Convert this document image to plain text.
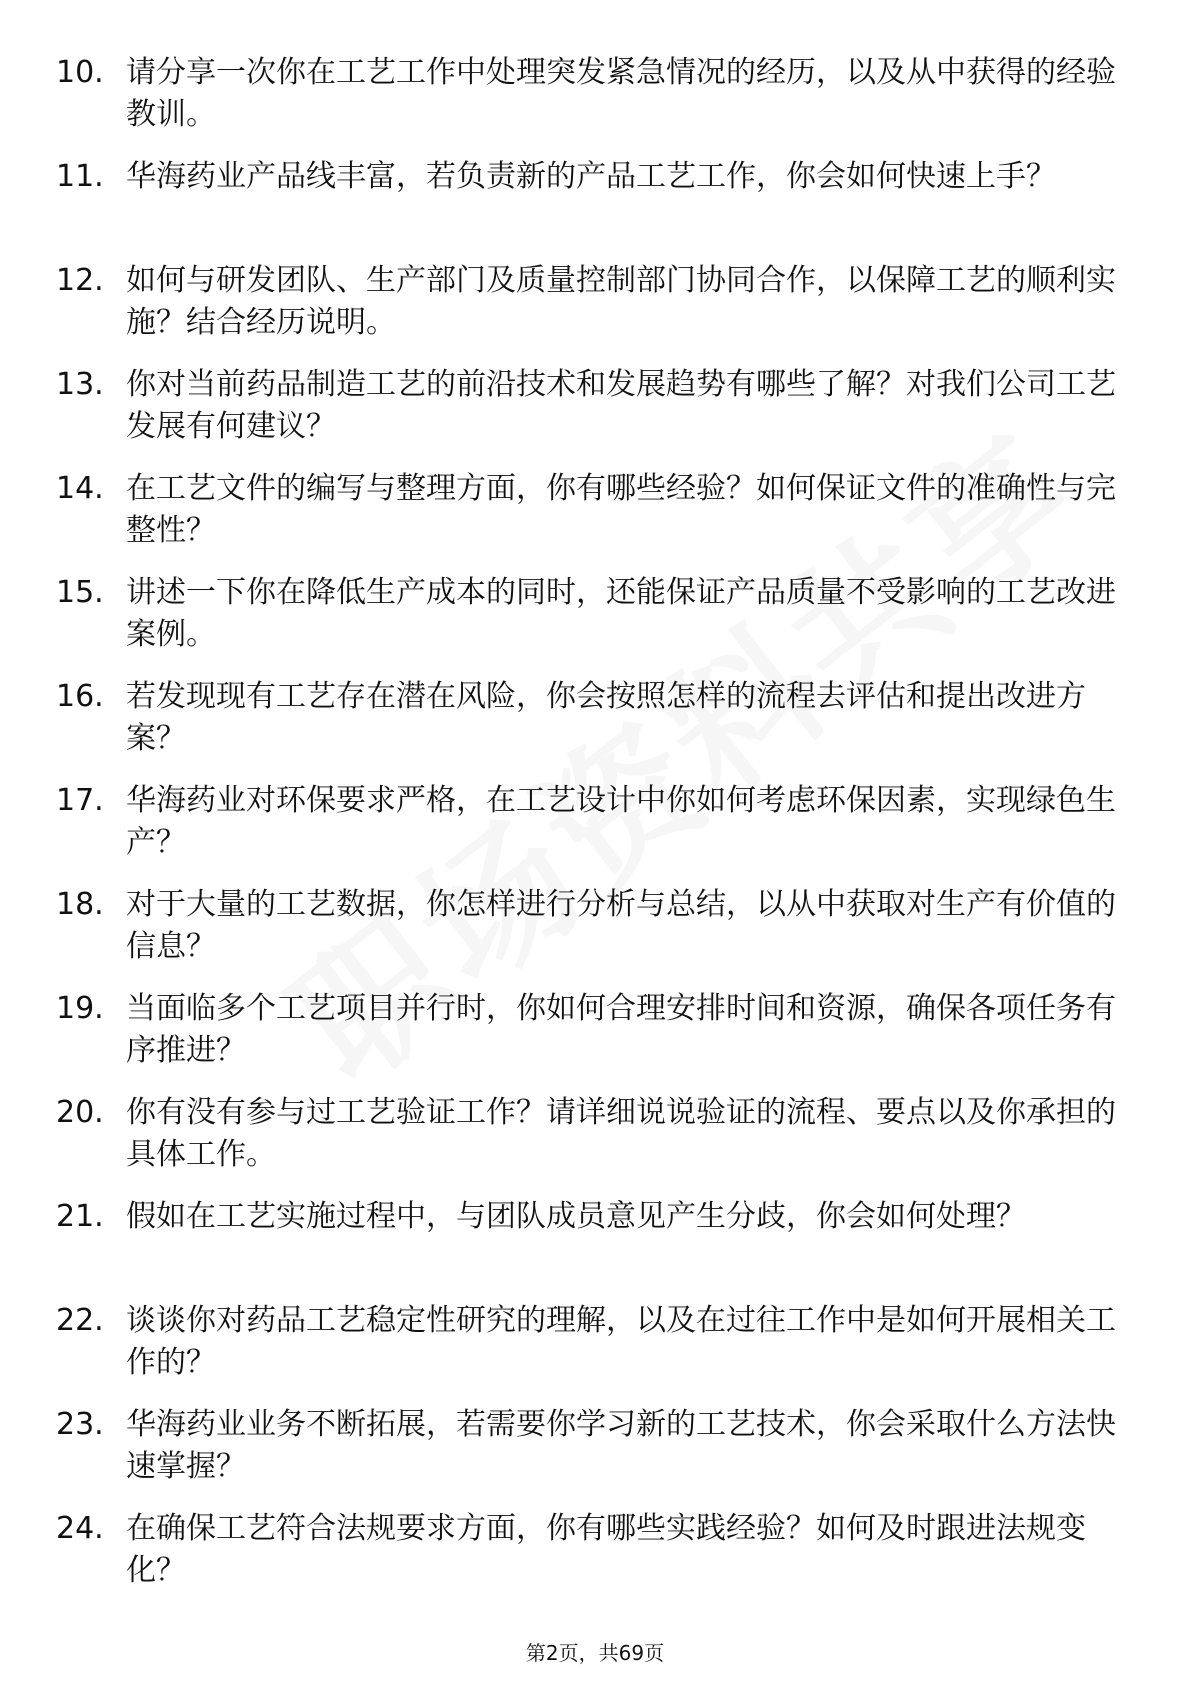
10. 请分享一次你在工艺工作中处理突发紧急情况的经历，以及从中获得的经验教训。
11. 华海药业产品线丰富，若负责新的产品工艺工作，你会如何快速上手？
12. 如何与研发团队、生产部门及质量控制部门协同合作，以保障工艺的顺利实施？结合经历说明。
13. 你对当前药品制造工艺的前沿技术和发展趋势有哪些了解？对我们公司工艺发展有何建议？
14. 在工艺文件的编写与整理方面，你有哪些经验？如何保证文件的准确性与完整性？
15. 讲述一下你在降低生产成本的同时，还能保证产品质量不受影响的工艺改进案例。
16. 若发现现有工艺存在潜在风险，你会按照怎样的流程去评估和提出改进方案？
17. 华海药业对环保要求严格，在工艺设计中你如何考虑环保因素，实现绿色生产？
18. 对于大量的工艺数据，你怎样进行分析与总结，以从中获取对生产有价值的信息？
19. 当面临多个工艺项目并行时，你如何合理安排时间和资源，确保各项任务有序推进？
20. 你有没有参与过工艺验证工作？请详细说说验证的流程、要点以及你承担的具体工作。
21. 假如在工艺实施过程中，与团队成员意见产生分歧，你会如何处理？
22. 谈谈你对药品工艺稳定性研究的理解，以及在过往工作中是如何开展相关工作的？
23. 华海药业业务不断拓展，若需要你学习新的工艺技术，你会采取什么方法快速掌握？
24. 在确保工艺符合法规要求方面，你有哪些实践经验？如何及时跟进法规变化？
第2页，共69页
